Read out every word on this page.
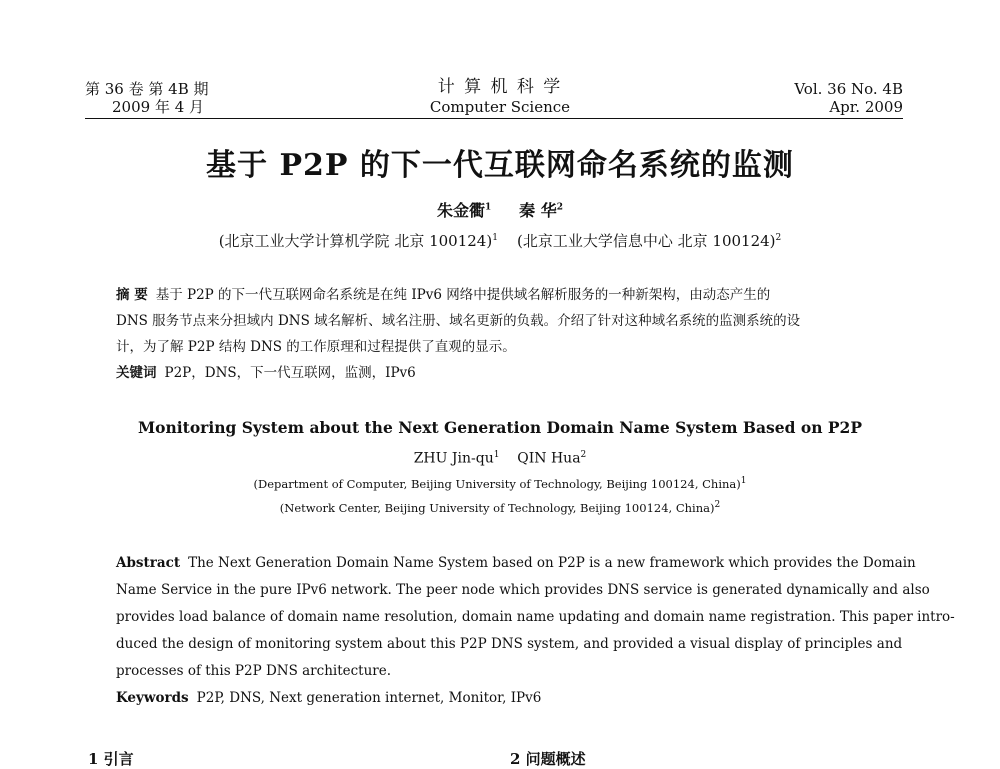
第 36 卷 第 4B 期
2009 年 4 月
计 算 机 科 学
Computer Science
Vol. 36 No. 4B
Apr. 2009
基于 P2P 的下一代互联网命名系统的监测
朱金衢$^1$ 秦 华$^2$
(北京工业大学计算机学院 北京 100124)$^1$ (北京工业大学信息中心 北京 100124)$^2$
摘 要 基于 P2P 的下一代互联网命名系统是在纯 IPv6 网络中提供域名解析服务的一种新架构，由动态产生的
DNS 服务节点来分担域内 DNS 域名解析、域名注册、域名更新的负载。介绍了针对这种域名系统的监测系统的设
计，为了解 P2P 结构 DNS 的工作原理和过程提供了直观的显示。
关键词 P2P，DNS，下一代互联网，监测，IPv6
Monitoring System about the Next Generation Domain Name System Based on P2P
ZHU Jin-$qu^1$ QIN Hua$^2$
(Department of Computer, Beijing University of Technology, Beijing 100124, China)$^1$
(Network Center, Beijing University of Technology, Beijing 100124, China)$^2$
Abstract The Next Generation Domain Name System based on P2P is a new framework which provides the Domain
Name Service in the pure IPv6 network. The peer node which provides DNS service is generated dynamically and also
provides load balance of domain name resolution, domain name updating and domain name registration. This paper intro-
duced the design of monitoring system about this P2P DNS system, and provided a visual display of principles and
processes of this P2P DNS architecture.
Keywords P2P, DNS, Next generation internet, Monitor, IPv6
1 引言	2 问题概述
